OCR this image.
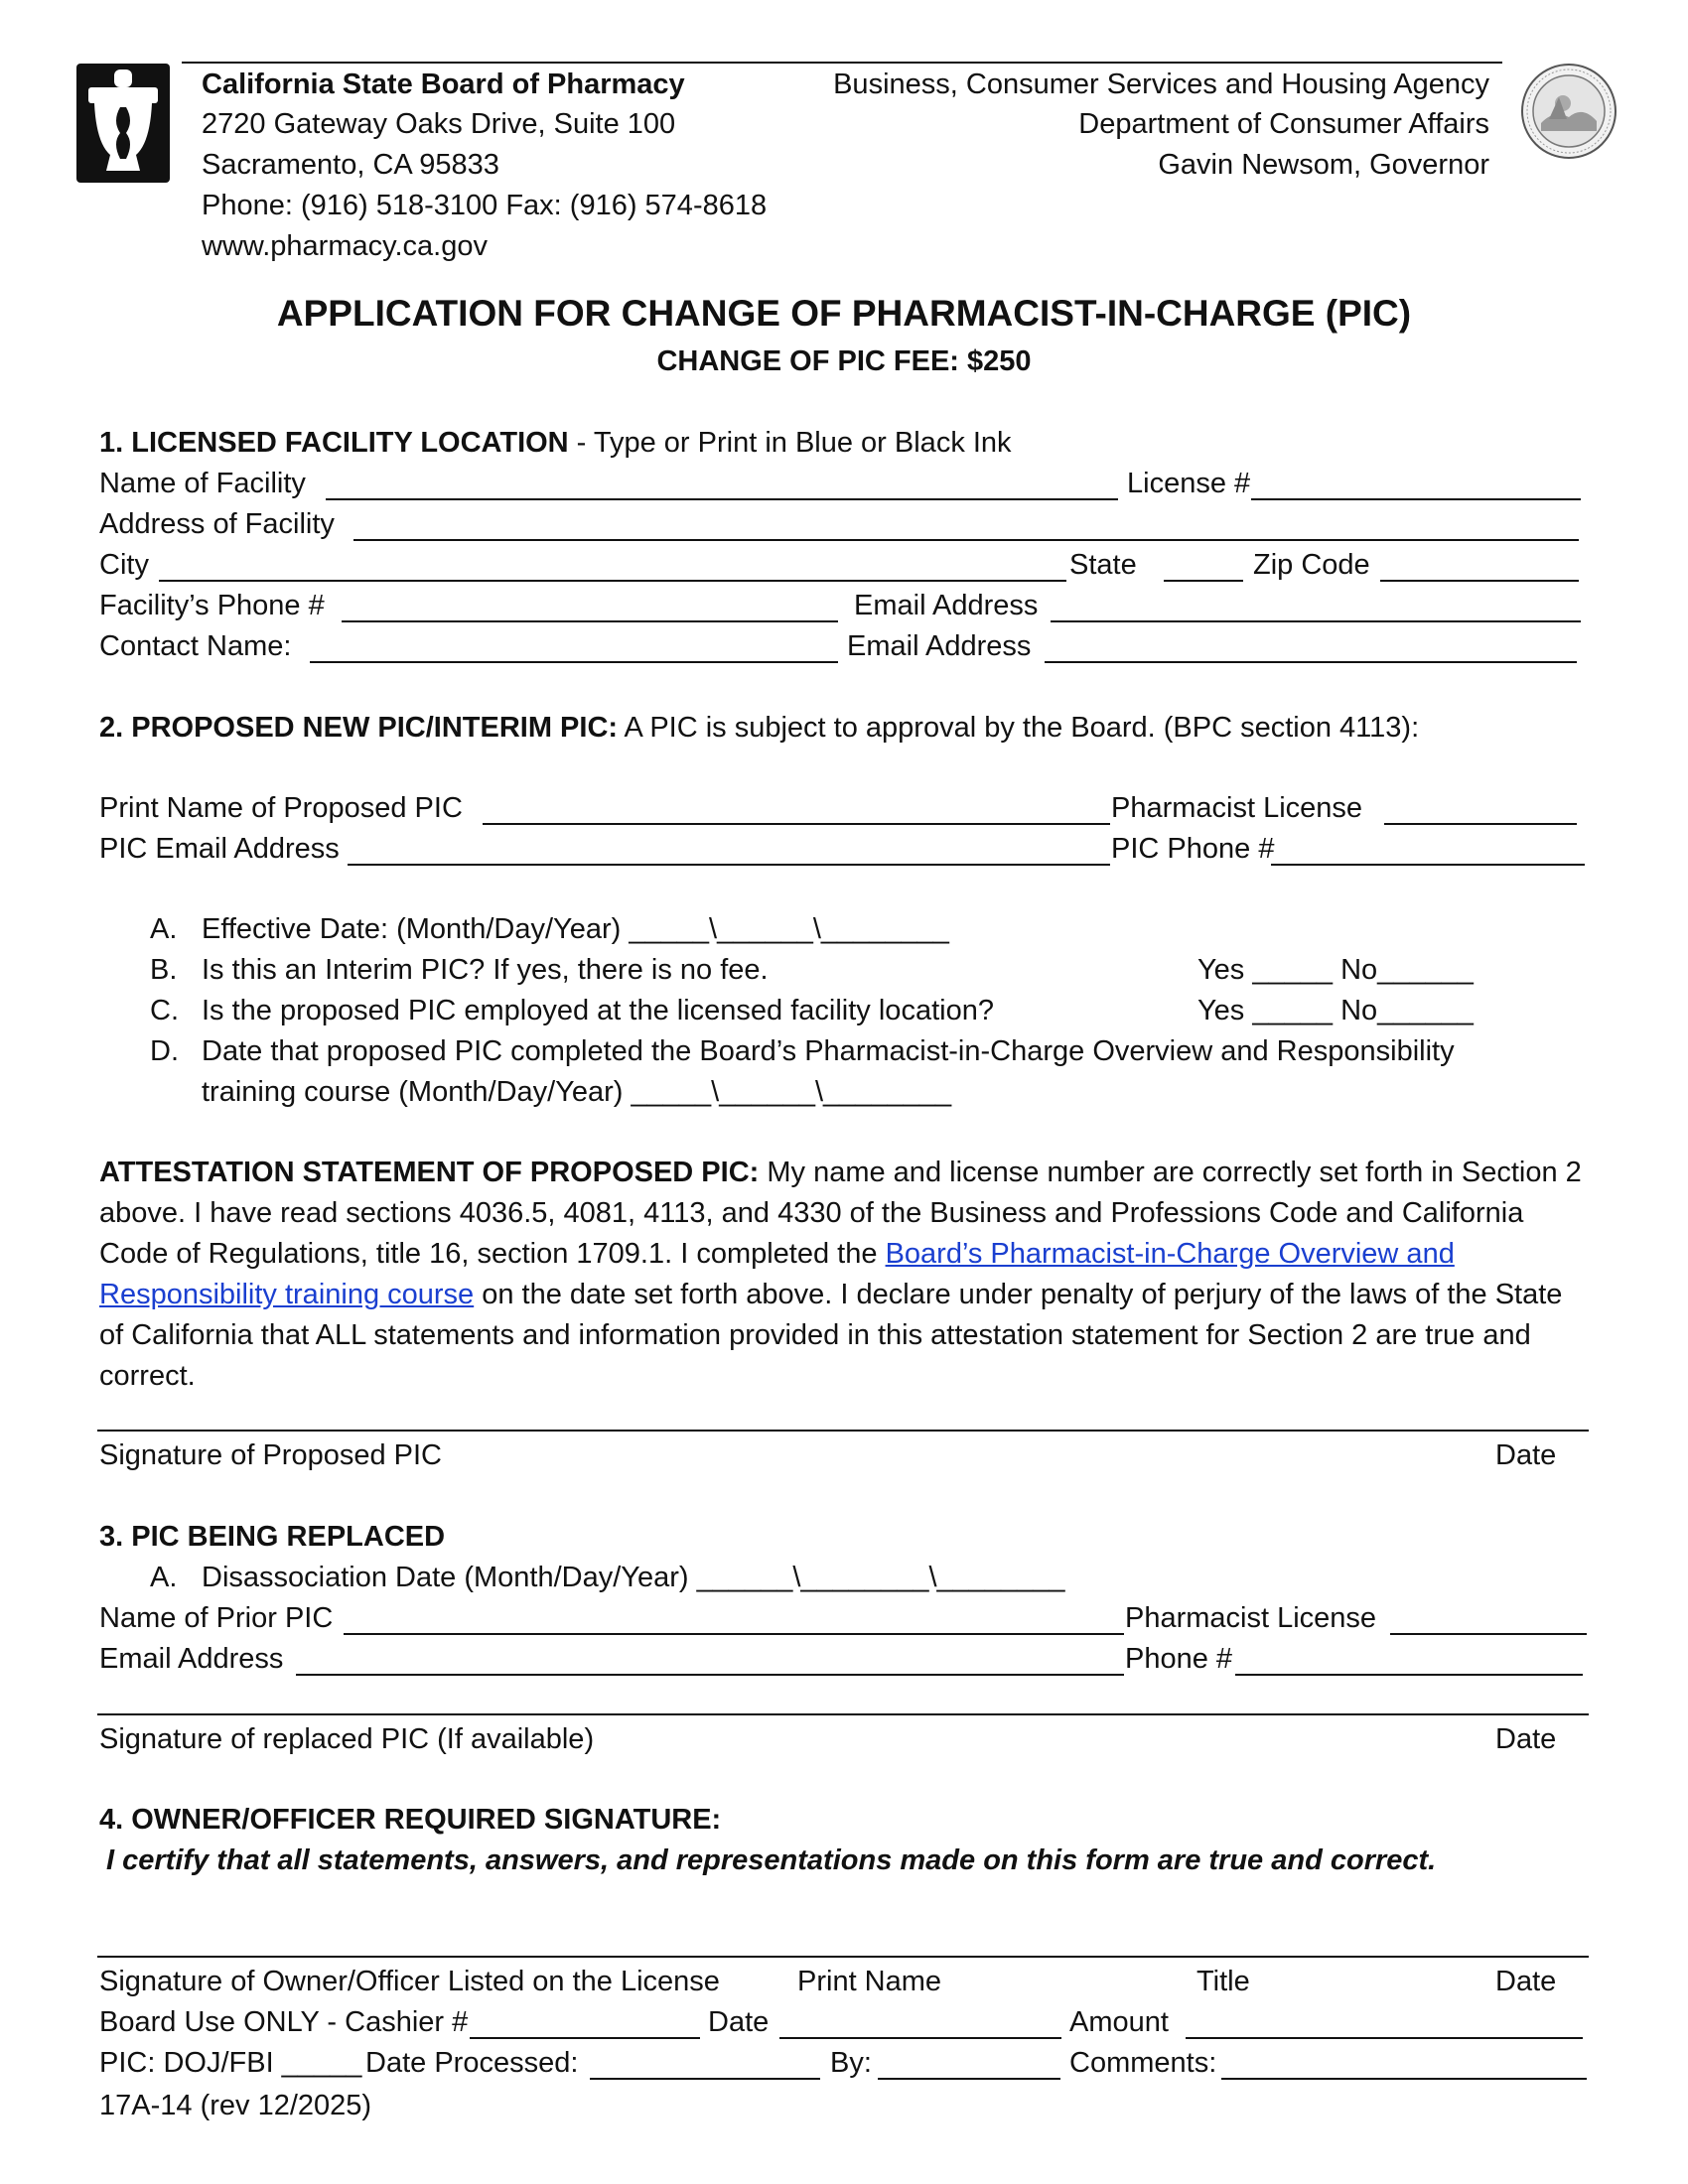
California State Board of Pharmacy
2720 Gateway Oaks Drive, Suite 100
Sacramento, CA 95833
Phone: (916) 518-3100 Fax: (916) 574-8618
www.pharmacy.ca.gov
Business, Consumer Services and Housing Agency
Department of Consumer Affairs
Gavin Newsom, Governor
APPLICATION FOR CHANGE OF PHARMACIST-IN-CHARGE (PIC)
CHANGE OF PIC FEE: $250
1. LICENSED FACILITY LOCATION - Type or Print in Blue or Black Ink
Name of Facility	License #
Address of Facility
City	State	Zip Code
Facility’s Phone #	Email Address
Contact Name:	Email Address
2. PROPOSED NEW PIC/INTERIM PIC: A PIC is subject to approval by the Board. (BPC section 4113):
Print Name of Proposed PIC	Pharmacist License
PIC Email Address	PIC Phone #
A. Effective Date: (Month/Day/Year) _____\______\________
B. Is this an Interim PIC? If yes, there is no fee.	Yes _____ No______
C. Is the proposed PIC employed at the licensed facility location?	Yes _____ No______
D. Date that proposed PIC completed the Board’s Pharmacist-in-Charge Overview and Responsibility
training course (Month/Day/Year) _____\______\________
ATTESTATION STATEMENT OF PROPOSED PIC: My name and license number are correctly set forth in Section 2 above. I have read sections 4036.5, 4081, 4113, and 4330 of the Business and Professions Code and California Code of Regulations, title 16, section 1709.1. I completed the Board’s Pharmacist-in-Charge Overview and Responsibility training course on the date set forth above. I declare under penalty of perjury of the laws of the State of California that ALL statements and information provided in this attestation statement for Section 2 are true and correct.
Signature of Proposed PIC	Date
3. PIC BEING REPLACED
A. Disassociation Date (Month/Day/Year) ______\________\________
Name of Prior PIC	Pharmacist License
Email Address	Phone #
Signature of replaced PIC (If available)	Date
4. OWNER/OFFICER REQUIRED SIGNATURE:
I certify that all statements, answers, and representations made on this form are true and correct.
Signature of Owner/Officer Listed on the License	Print Name	Title	Date
Board Use ONLY - Cashier #	Date	Amount
PIC: DOJ/FBI _____ Date Processed:	By:	Comments:
17A-14 (rev 12/2025)
